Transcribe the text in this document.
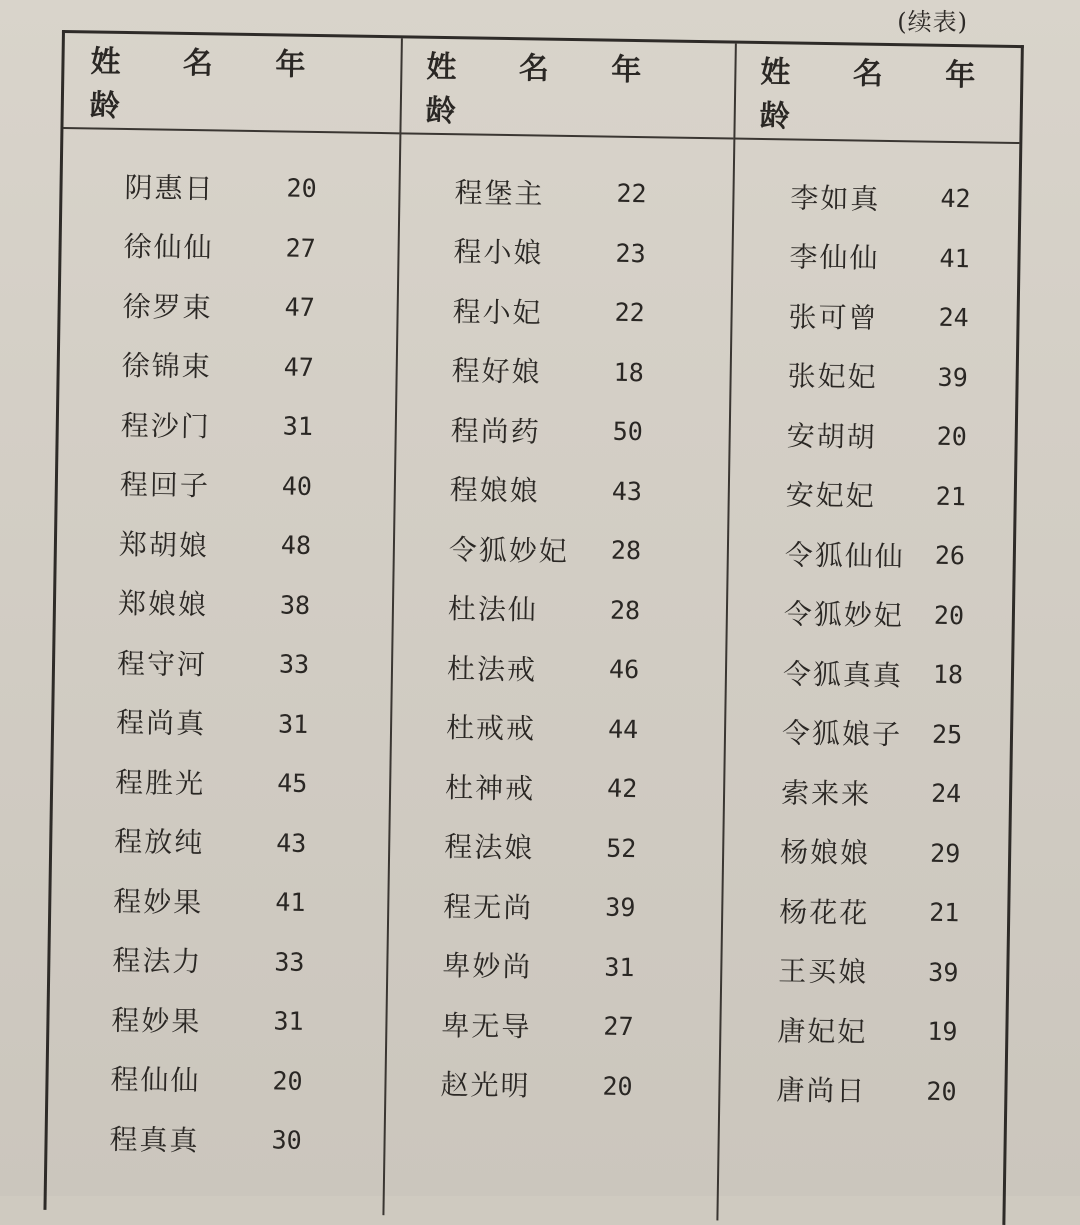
(续表)
姓 名 年 龄
阴惠日	20
徐仙仙	27
徐罗束	47
徐锦束	47
程沙门	31
程回子	40
郑胡娘	48
郑娘娘	38
程守河	33
程尚真	31
程胜光	45
程放纯	43
程妙果	41
程法力	33
程妙果	31
程仙仙	20
程真真	30
姓 名 年 龄
程堡主	22
程小娘	23
程小妃	22
程好娘	18
程尚药	50
程娘娘	43
令狐妙妃	28
杜法仙	28
杜法戒	46
杜戒戒	44
杜神戒	42
程法娘	52
程无尚	39
卑妙尚	31
卑无导	27
赵光明	20
姓 名 年 龄
李如真	42
李仙仙	41
张可曾	24
张妃妃	39
安胡胡	20
安妃妃	21
令狐仙仙	26
令狐妙妃	20
令狐真真	18
令狐娘子	25
索来来	24
杨娘娘	29
杨花花	21
王买娘	39
唐妃妃	19
唐尚日	20
